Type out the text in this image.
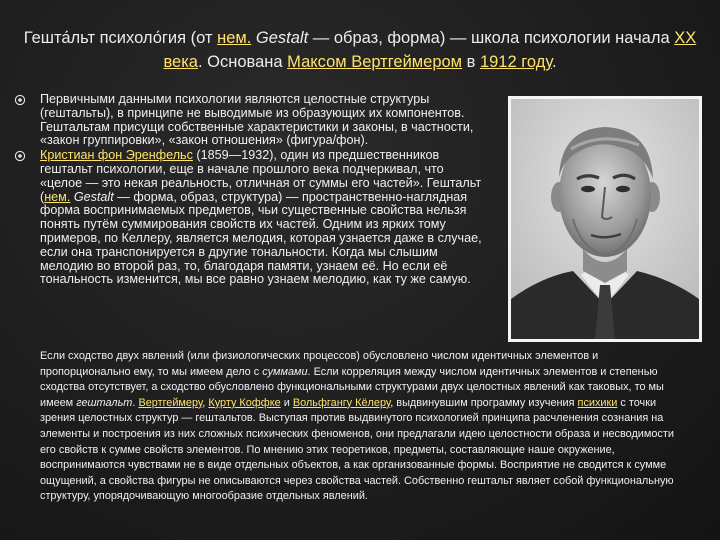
Гешта́льт психоло́гия (от нем. Gestalt — образ, форма) — школа психологии начала XX века. Основана Максом Вертгеймером в 1912 году.
Первичными данными психологии являются целостные структуры (гештальты), в принципе не выводимые из образующих их компонентов. Гештальтам присущи собственные характеристики и законы, в частности, «закон группировки», «закон отношения» (фигура/фон).
Кристиан фон Эренфельс (1859—1932), один из предшественников гештальт психологии, еще в начале прошлого века подчеркивал, что «целое — это некая реальность, отличная от суммы его частей». Гештальт (нем. Gestalt — форма, образ, структура) — пространственно-наглядная форма воспринимаемых предметов, чьи существенные свойства нельзя понять путём суммирования свойств их частей. Одним из ярких тому примеров, по Келлеру, является мелодия, которая узнается даже в случае, если она транспонируется в другие тональности. Когда мы слышим мелодию во второй раз, то, благодаря памяти, узнаем её. Но если её тональность изменится, мы все равно узнаем мелодию, как ту же самую.
Если сходство двух явлений (или физиологических процессов) обусловлено числом идентичных элементов и пропорционально ему, то мы имеем дело с суммами. Если корреляция между числом идентичных элементов и степенью сходства отсутствует, а сходство обусловлено функциональными структурами двух целостных явлений как таковых, то мы имеем гештальт. Вертгеймеру, Курту Коффке и Вольфгангу Кёлеру, выдвинувшим программу изучения психики с точки зрения целостных структур — гештальтов. Выступая против выдвинутого психологией принципа расчленения сознания на элементы и построения из них сложных психических феноменов, они предлагали идею целостности образа и несводимости его свойств к сумме свойств элементов. По мнению этих теоретиков, предметы, составляющие наше окружение, воспринимаются чувствами не в виде отдельных объектов, а как организованные формы. Восприятие не сводится к сумме ощущений, а свойства фигуры не описываются через свойства частей. Собственно гештальт являет собой функциональную структуру, упорядочивающую многообразие отдельных явлений.
